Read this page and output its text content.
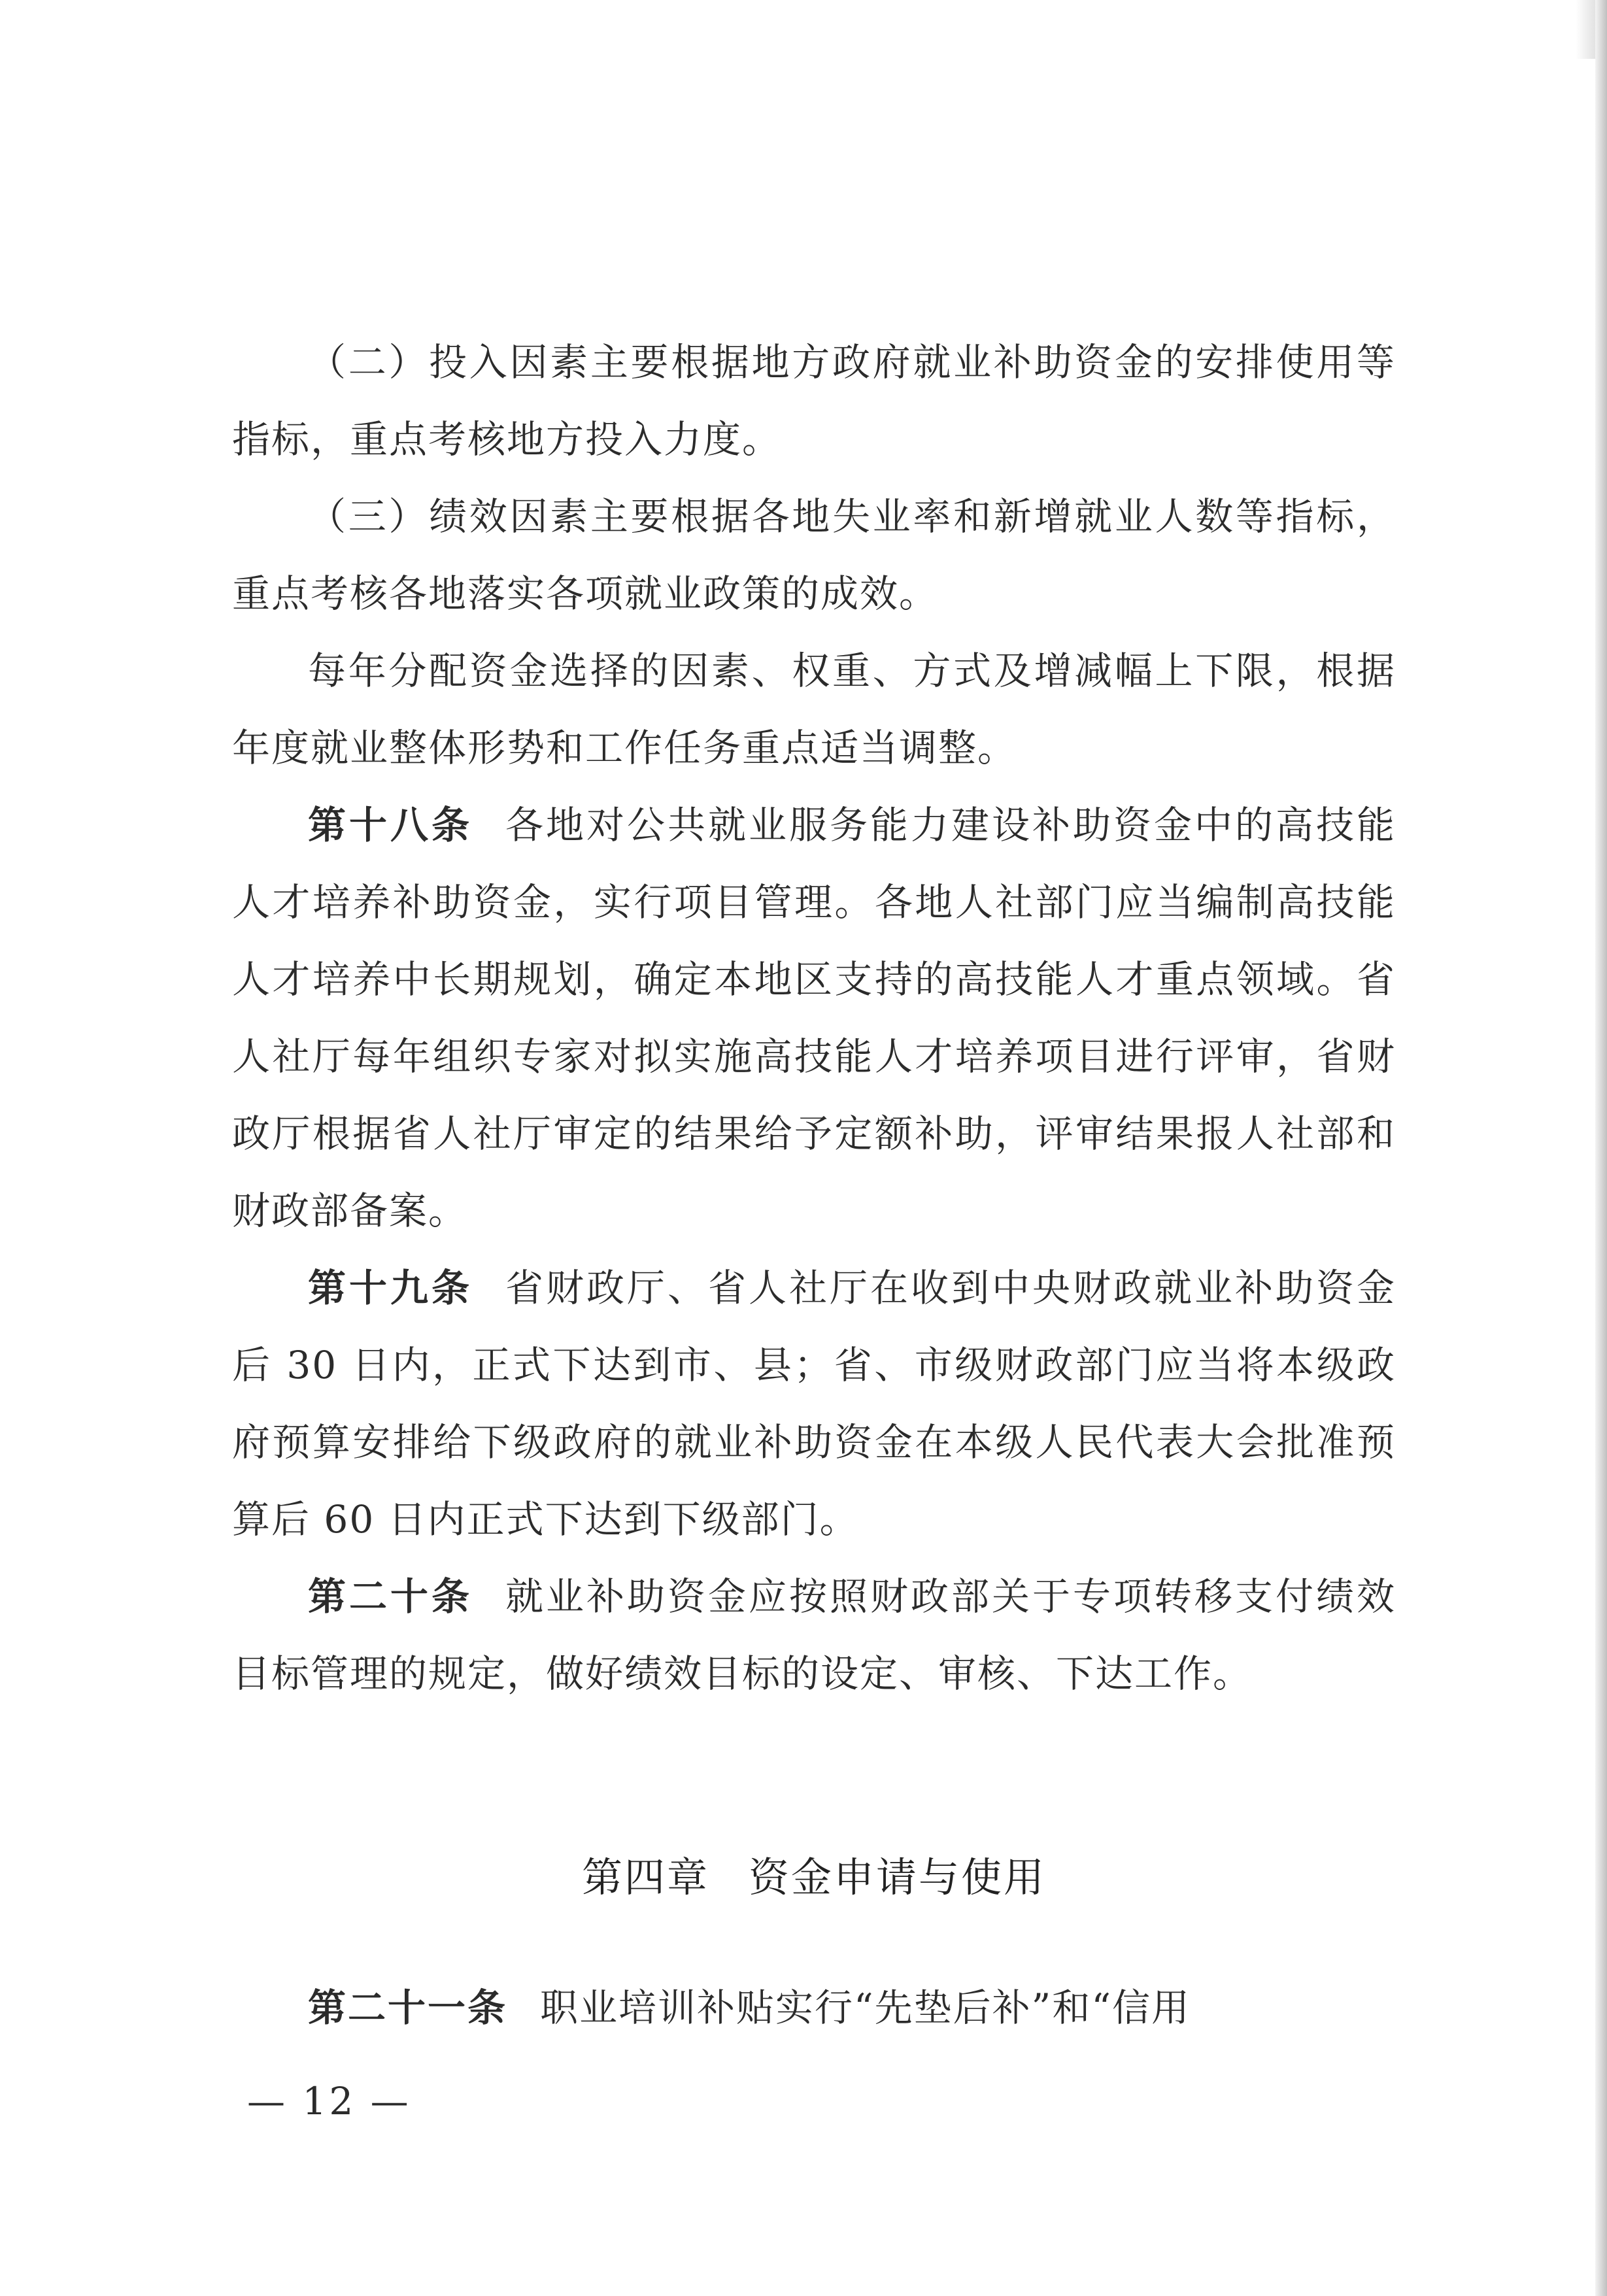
（二）投入因素主要根据地方政府就业补助资金的安排使用等指标，重点考核地方投入力度。

（三）绩效因素主要根据各地失业率和新增就业人数等指标，重点考核各地落实各项就业政策的成效。

每年分配资金选择的因素、权重、方式及增减幅上下限，根据年度就业整体形势和工作任务重点适当调整。

第十八条 各地对公共就业服务能力建设补助资金中的高技能人才培养补助资金，实行项目管理。各地人社部门应当编制高技能人才培养中长期规划，确定本地区支持的高技能人才重点领域。省人社厅每年组织专家对拟实施高技能人才培养项目进行评审，省财政厅根据省人社厅审定的结果给予定额补助，评审结果报人社部和财政部备案。

第十九条 省财政厅、省人社厅在收到中央财政就业补助资金后 30 日内，正式下达到市、县；省、市级财政部门应当将本级政府预算安排给下级政府的就业补助资金在本级人民代表大会批准预算后 60 日内正式下达到下级部门。

第二十条 就业补助资金应按照财政部关于专项转移支付绩效目标管理的规定，做好绩效目标的设定、审核、下达工作。

第四章 资金申请与使用

第二十一条 职业培训补贴实行“先垫后补”和“信用

— 12 —
